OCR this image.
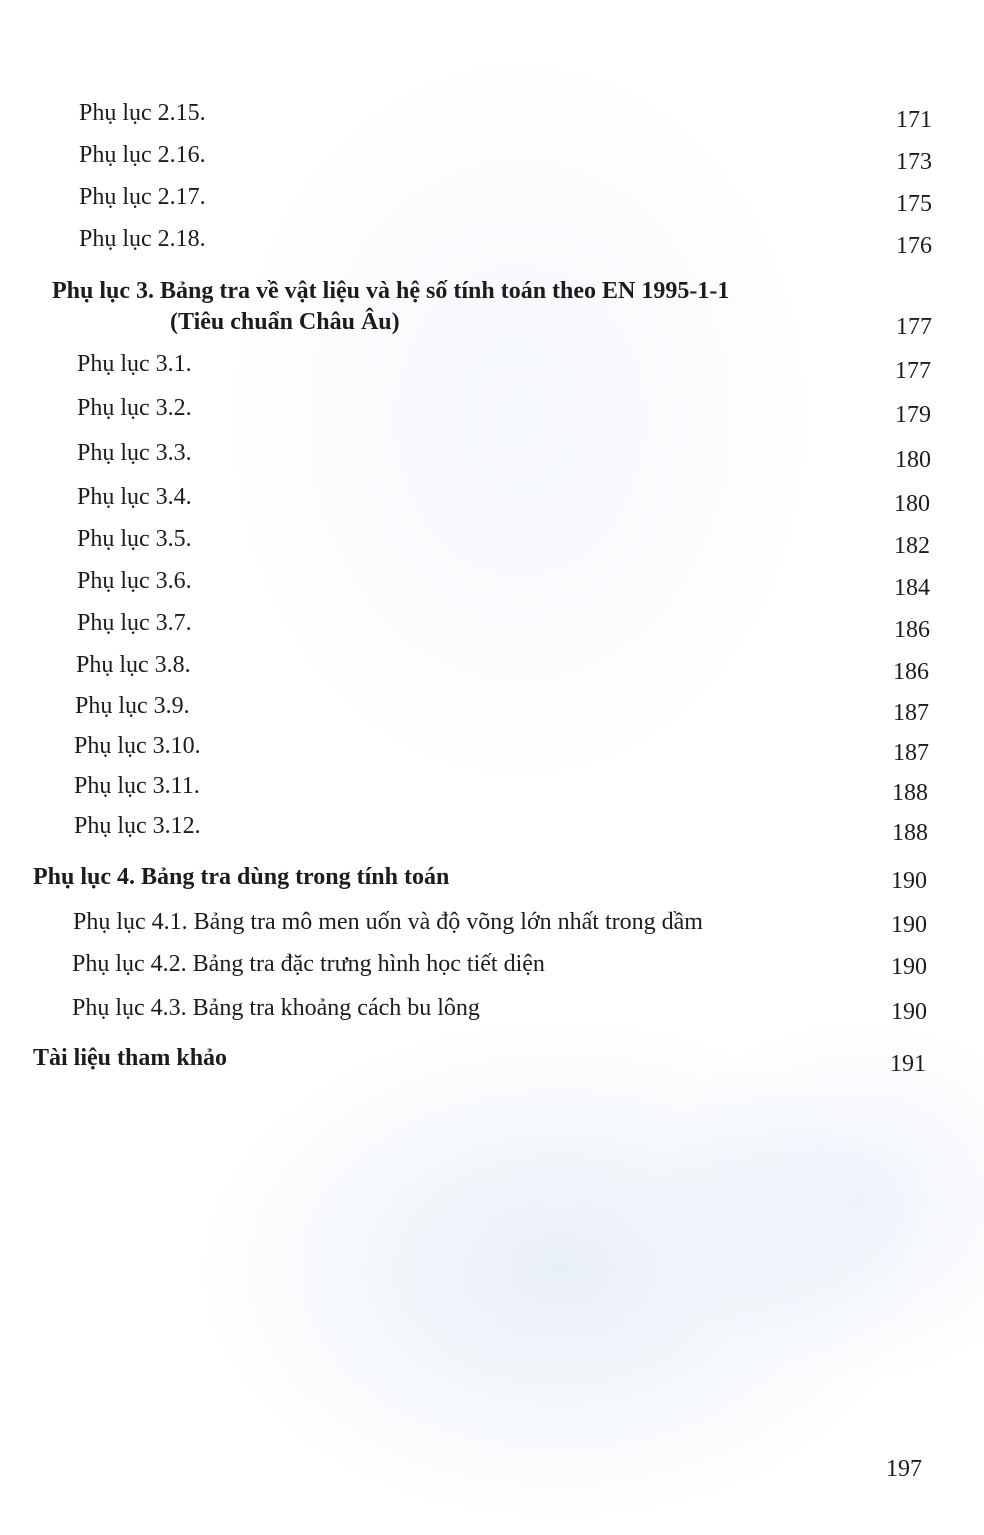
Phụ lục 2.15.	171
Phụ lục 2.16.	173
Phụ lục 2.17.	175
Phụ lục 2.18.	176
Phụ lục 3. Bảng tra về vật liệu và hệ số tính toán theo EN 1995-1-1
(Tiêu chuẩn Châu Âu)	177
Phụ lục 3.1.	177
Phụ lục 3.2.	179
Phụ lục 3.3.	180
Phụ lục 3.4.	180
Phụ lục 3.5.	182
Phụ lục 3.6.	184
Phụ lục 3.7.	186
Phụ lục 3.8.	186
Phụ lục 3.9.	187
Phụ lục 3.10.	187
Phụ lục 3.11.	188
Phụ lục 3.12.	188
Phụ lục 4. Bảng tra dùng trong tính toán	190
Phụ lục 4.1. Bảng tra mô men uốn và độ võng lớn nhất trong dầm	190
Phụ lục 4.2. Bảng tra đặc trưng hình học tiết diện	190
Phụ lục 4.3. Bảng tra khoảng cách bu lông	190
Tài liệu tham khảo	191
197
